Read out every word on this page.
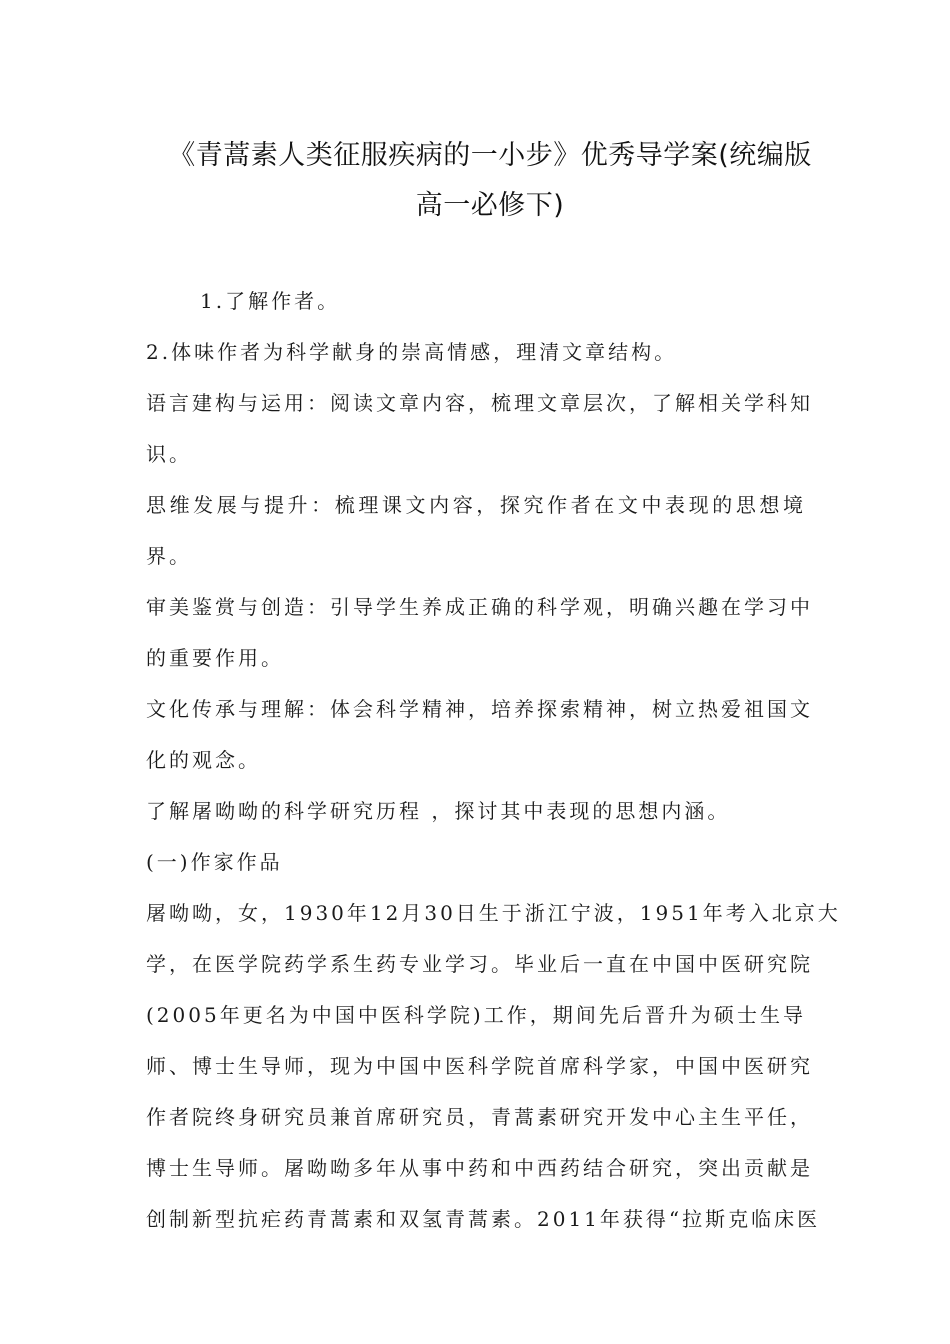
《青蒿素人类征服疾病的一小步》优秀导学案(统编版
高一必修下)

1.了解作者。

2.体味作者为科学献身的崇高情感，理清文章结构。

语言建构与运用：阅读文章内容，梳理文章层次，了解相关学科知

识。

思维发展与提升：梳理课文内容，探究作者在文中表现的思想境

界。

审美鉴赏与创造：引导学生养成正确的科学观，明确兴趣在学习中

的重要作用。

文化传承与理解：体会科学精神，培养探索精神，树立热爱祖国文

化的观念。

了解屠呦呦的科学研究历程 ，探讨其中表现的思想内涵。

(一)作家作品

屠呦呦，女，1930年12月30日生于浙江宁波，1951年考入北京大

学，在医学院药学系生药专业学习。毕业后一直在中国中医研究院

(2005年更名为中国中医科学院)工作，期间先后晋升为硕士生导

师、博士生导师，现为中国中医科学院首席科学家，中国中医研究

作者院终身研究员兼首席研究员，青蒿素研究开发中心主生平任，

博士生导师。屠呦呦多年从事中药和中西药结合研究，突出贡献是

创制新型抗疟药青蒿素和双氢青蒿素。2011年获得“拉斯克临床医
